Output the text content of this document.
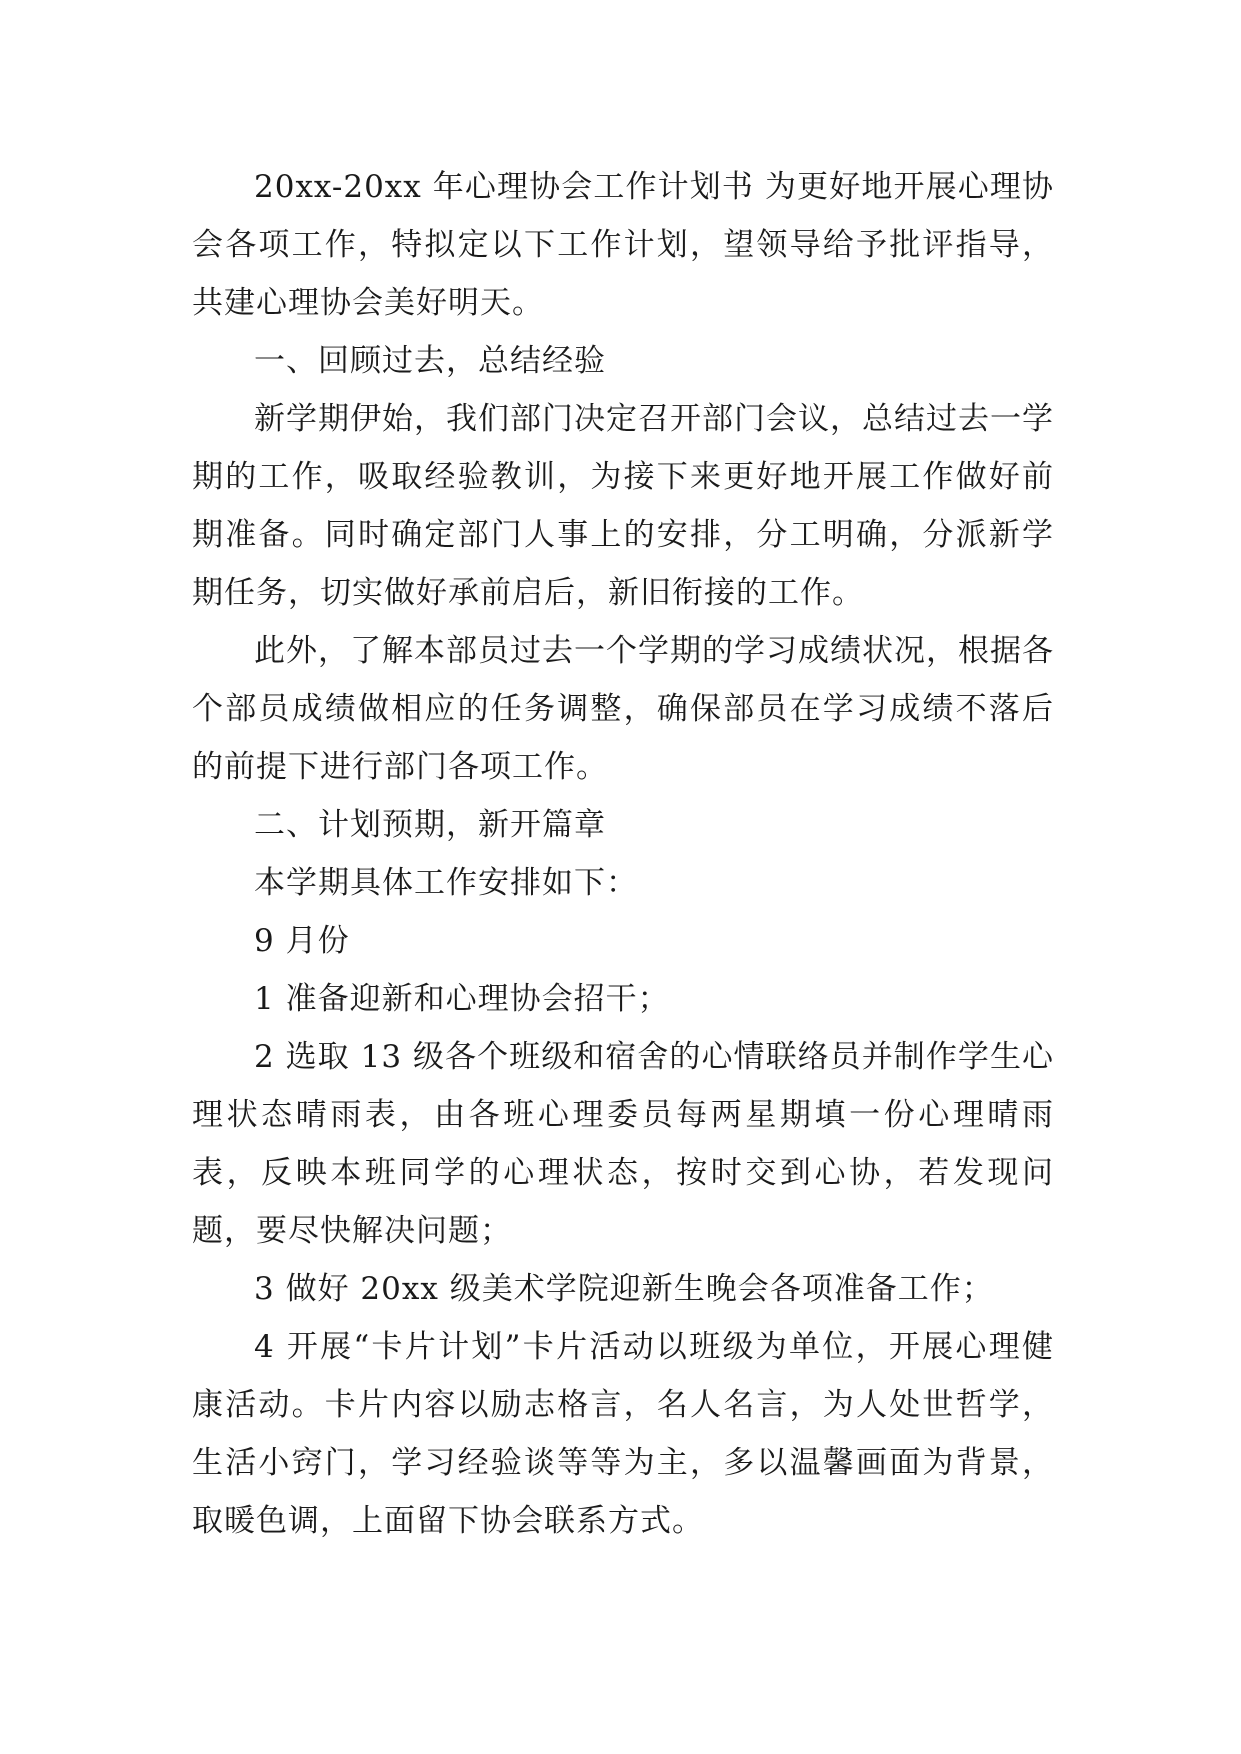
20xx-20xx 年心理协会工作计划书 为更好地开展心理协会各项工作，特拟定以下工作计划，望领导给予批评指导，共建心理协会美好明天。

一、回顾过去，总结经验

新学期伊始，我们部门决定召开部门会议，总结过去一学期的工作，吸取经验教训，为接下来更好地开展工作做好前期准备。同时确定部门人事上的安排，分工明确，分派新学期任务，切实做好承前启后，新旧衔接的工作。

此外，了解本部员过去一个学期的学习成绩状况，根据各个部员成绩做相应的任务调整，确保部员在学习成绩不落后的前提下进行部门各项工作。

二、计划预期，新开篇章

本学期具体工作安排如下：

9 月份

1 准备迎新和心理协会招干；

2 选取 13 级各个班级和宿舍的心情联络员并制作学生心理状态晴雨表，由各班心理委员每两星期填一份心理晴雨表，反映本班同学的心理状态，按时交到心协，若发现问题，要尽快解决问题；

3 做好 20xx 级美术学院迎新生晚会各项准备工作；

4 开展“卡片计划”卡片活动以班级为单位，开展心理健康活动。卡片内容以励志格言，名人名言，为人处世哲学，生活小窍门，学习经验谈等等为主，多以温馨画面为背景，取暖色调，上面留下协会联系方式。
